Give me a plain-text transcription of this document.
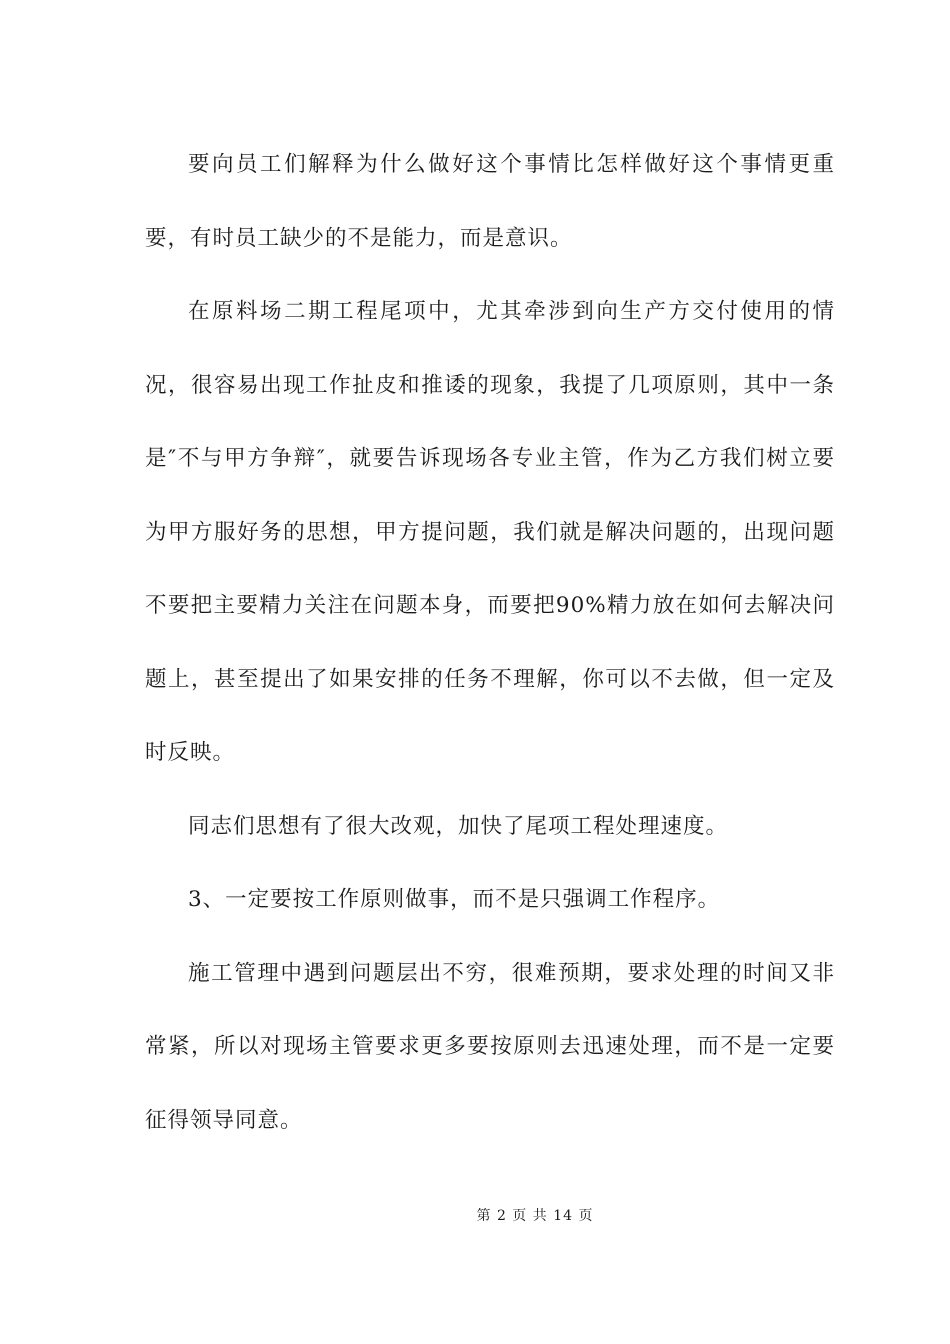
要向员工们解释为什么做好这个事情比怎样做好这个事情更重要，有时员工缺少的不是能力，而是意识。

在原料场二期工程尾项中，尤其牵涉到向生产方交付使用的情况，很容易出现工作扯皮和推诿的现象，我提了几项原则，其中一条是″不与甲方争辩″，就要告诉现场各专业主管，作为乙方我们树立要为甲方服好务的思想，甲方提问题，我们就是解决问题的，出现问题不要把主要精力关注在问题本身，而要把90%精力放在如何去解决问题上，甚至提出了如果安排的任务不理解，你可以不去做，但一定及时反映。

同志们思想有了很大改观，加快了尾项工程处理速度。

3、一定要按工作原则做事，而不是只强调工作程序。

施工管理中遇到问题层出不穷，很难预期，要求处理的时间又非常紧，所以对现场主管要求更多要按原则去迅速处理，而不是一定要征得领导同意。

第 2 页 共 14 页
